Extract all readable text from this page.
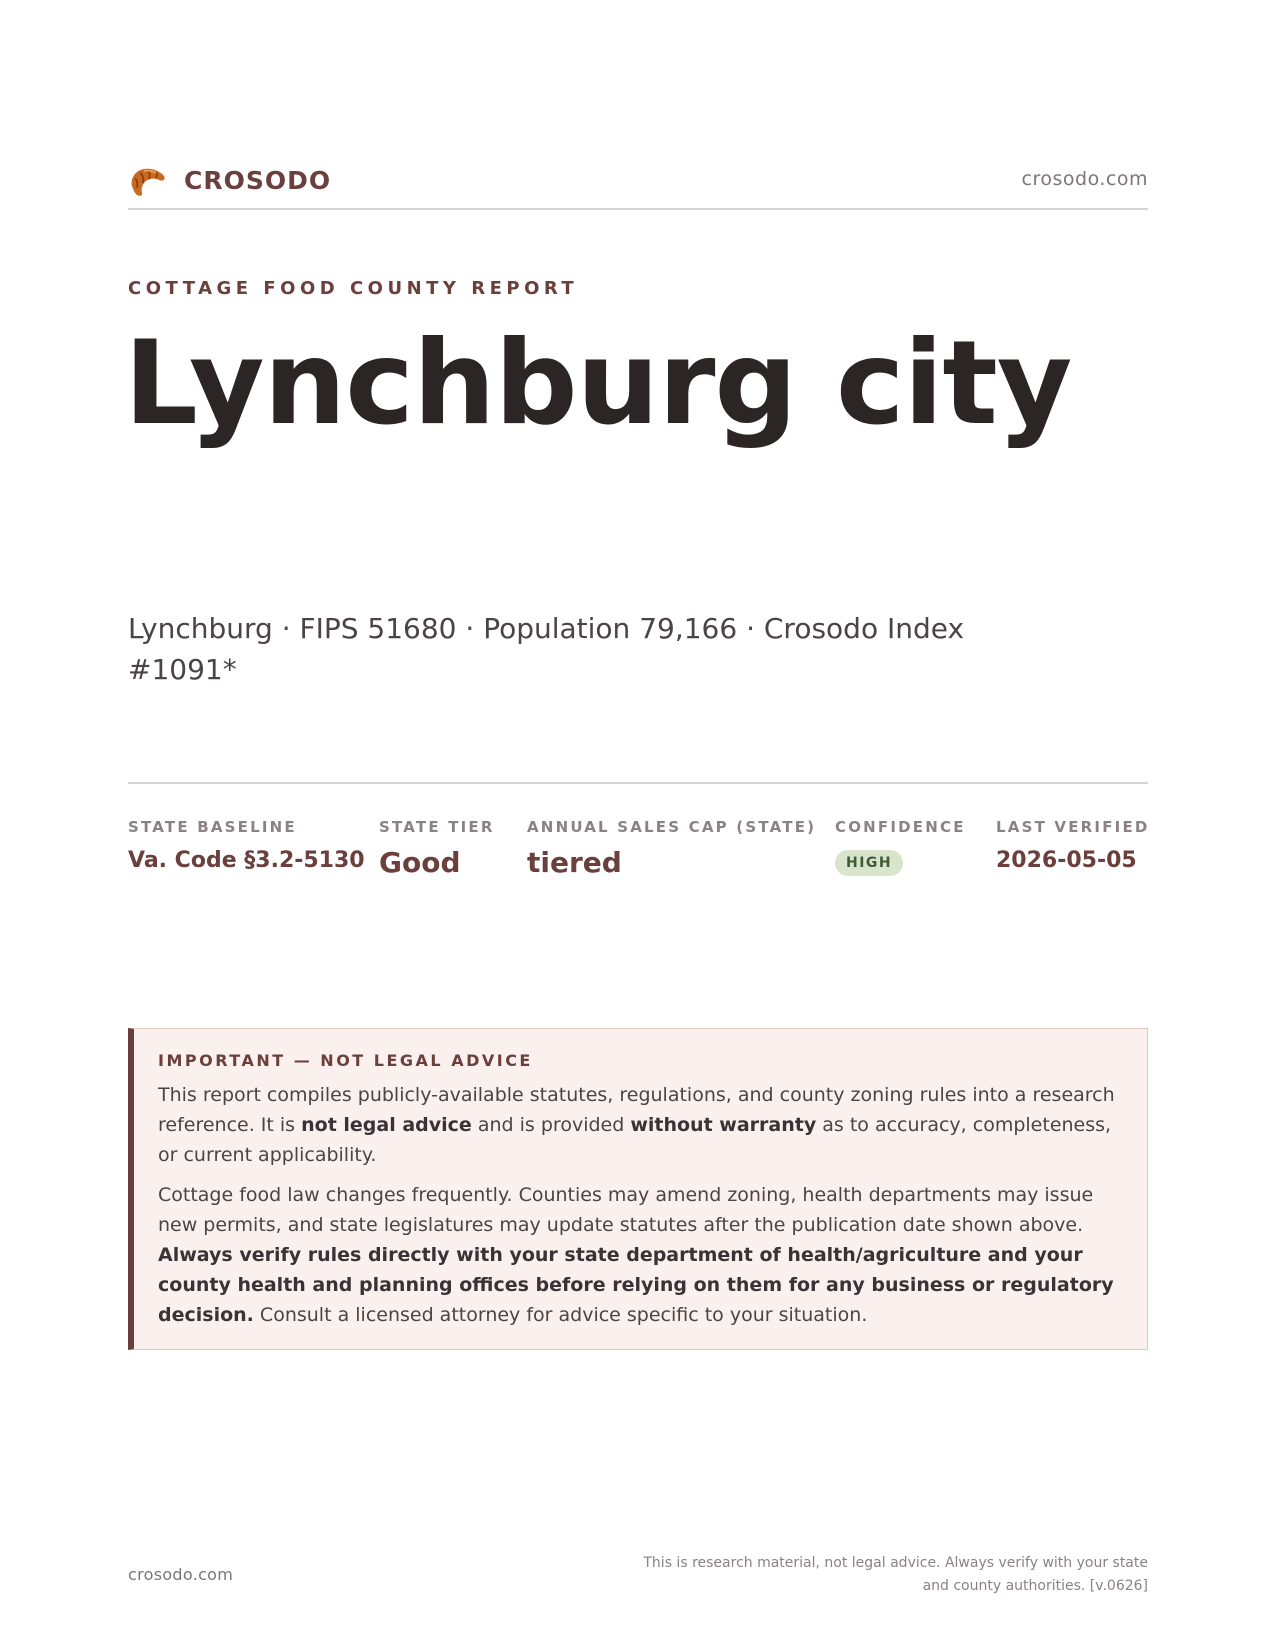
CROSODO	crosodo.com
COTTAGE FOOD COUNTY REPORT
Lynchburg city
Lynchburg · FIPS 51680 · Population 79,166 · Crosodo Index #1091*
STATE BASELINE
Va. Code §3.2-5130
STATE TIER
Good
ANNUAL SALES CAP (STATE)
tiered
CONFIDENCE
HIGH
LAST VERIFIED
2026-05-05
IMPORTANT — NOT LEGAL ADVICE

This report compiles publicly-available statutes, regulations, and county zoning rules into a research reference. It is not legal advice and is provided without warranty as to accuracy, completeness, or current applicability.

Cottage food law changes frequently. Counties may amend zoning, health departments may issue new permits, and state legislatures may update statutes after the publication date shown above. Always verify rules directly with your state department of health/agriculture and your county health and planning offices before relying on them for any business or regulatory decision. Consult a licensed attorney for advice specific to your situation.

crosodo.com
This is research material, not legal advice. Always verify with your state
and county authorities. [v.0626]
